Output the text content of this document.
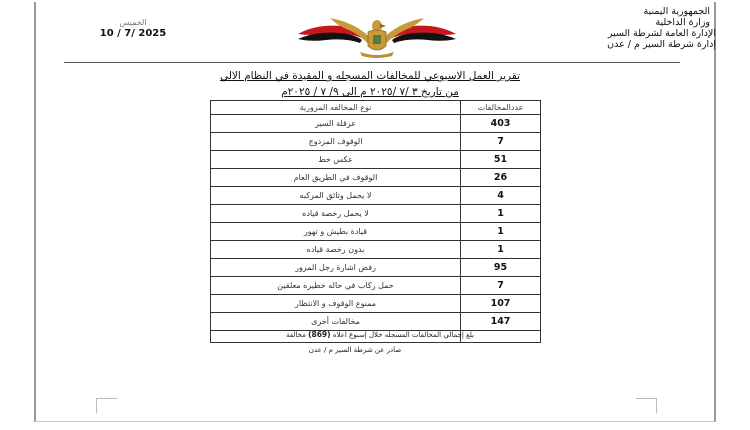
الجمهورية اليمنية
وزارة الداخلية
الإدارة العامة لشرطة السير
إدارة شرطة السير م / عدن
الخميس
10 / 7/ 2025
تقرير العمل الاسبوعي للمخالفات المسجله و المقيدة في النظام الالي
من تاريخ ٣ /٧ /٢٠٢٥ م الى ٩/ ٧ / ٢٠٢٥م
عددالمخالفات	نوع المخالفه المرورية
403	عرقلة السير
7	الوقوف المزدوج
51	عكس خط
26	الوقوف في الطريق العام
4	لا يحمل وثائق المركبه
1	لا يحمل رخصة قياده
1	قيادة بطيش و تهور
1	بدون رخصة قياده
95	رفض اشارة رجل المرور
7	حمل ركاب في حاله خطيره معلقين
107	ممنوع الوقوف و الانتظار
147	مخالفات أخرى

بلغ إجمالي المخالفات المسجله خلال إسبوع اعلاه (869) مخالفة
صادر عن شرطة السير م / عدن
